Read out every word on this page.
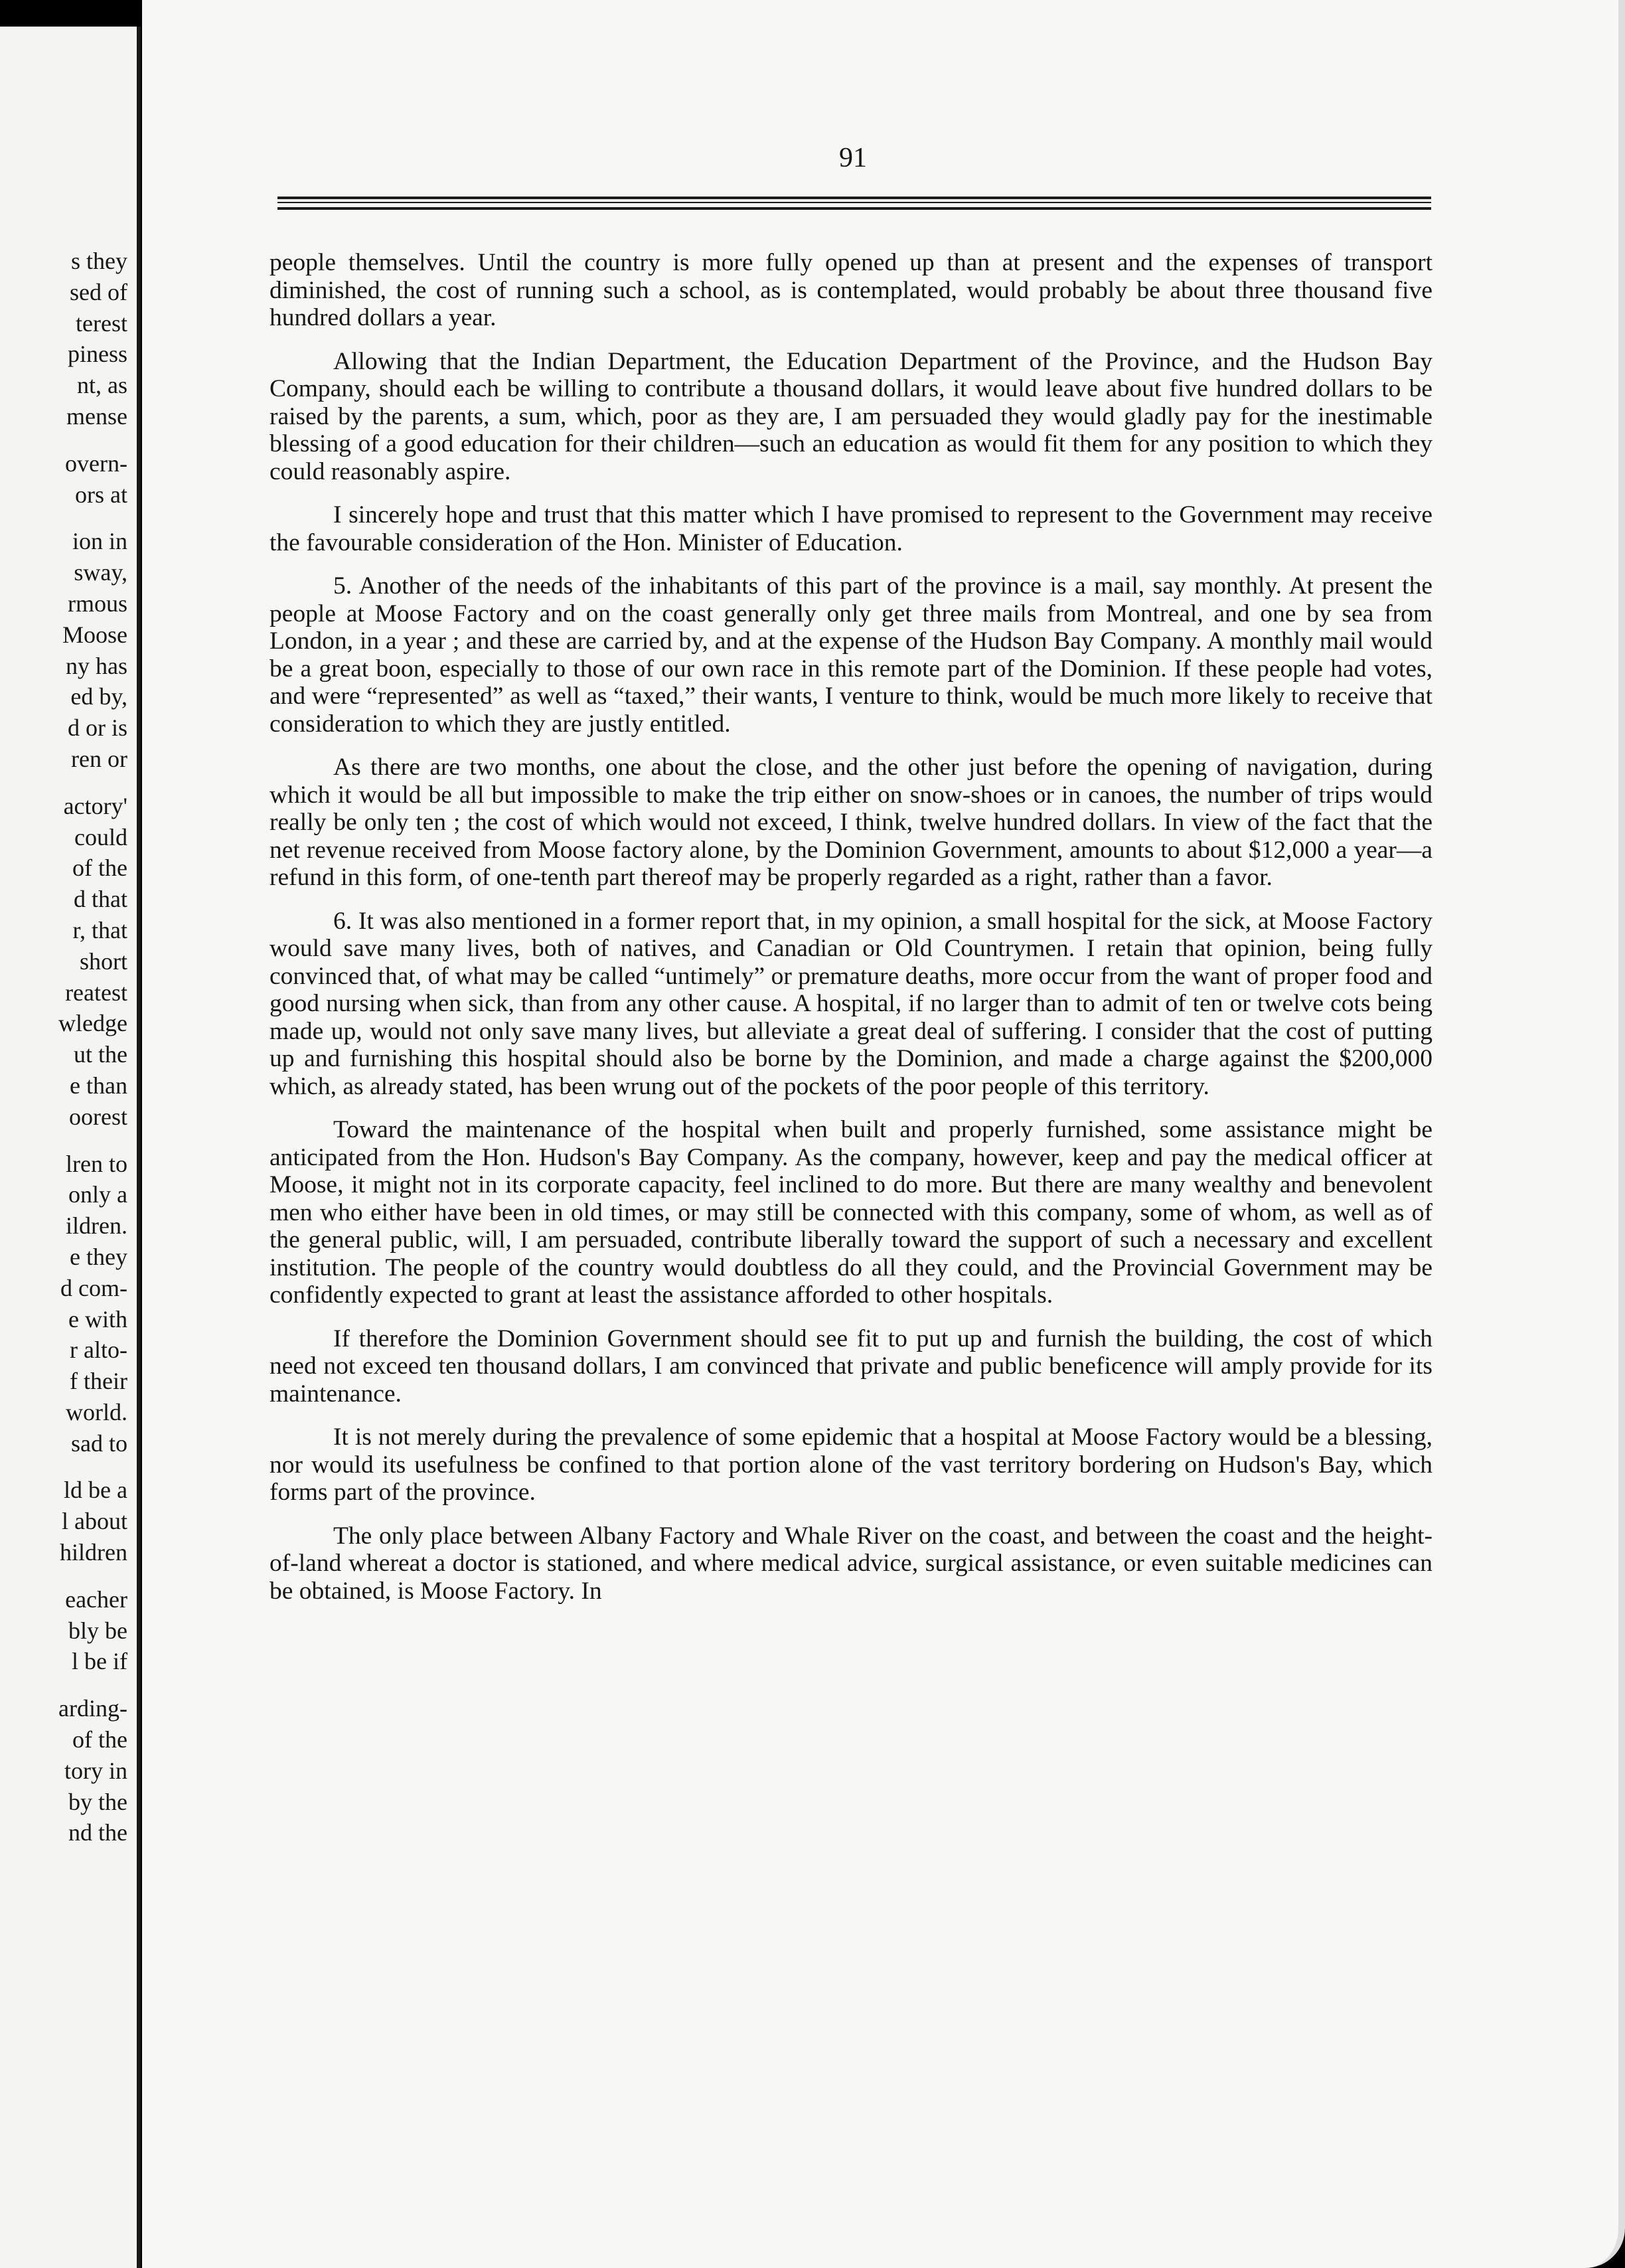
s they
sed of
terest
piness
nt, as
mense
overn-
ors at
ion in
sway,
rmous
Moose
ny has
ed by,
d or is
ren or
actory'
could
of the
d that
r, that
short
reatest
wledge
ut the
e than
oorest
lren to
only a
ildren.
e they
d com-
e with
r alto-
f their
world.
sad to
ld be a
l about
hildren
eacher
bly be
l be if
arding-
of the
tory in
by the
nd the
91

people themselves. Until the country is more fully opened up than at present and the expenses of transport diminished, the cost of running such a school, as is contemplated, would probably be about three thousand five hundred dollars a year.

Allowing that the Indian Department, the Education Department of the Province, and the Hudson Bay Company, should each be willing to contribute a thousand dollars, it would leave about five hundred dollars to be raised by the parents, a sum, which, poor as they are, I am persuaded they would gladly pay for the inestimable blessing of a good education for their children—such an education as would fit them for any position to which they could reasonably aspire.

I sincerely hope and trust that this matter which I have promised to represent to the Government may receive the favourable consideration of the Hon. Minister of Education.

5. Another of the needs of the inhabitants of this part of the province is a mail, say monthly. At present the people at Moose Factory and on the coast generally only get three mails from Montreal, and one by sea from London, in a year ; and these are carried by, and at the expense of the Hudson Bay Company. A monthly mail would be a great boon, especially to those of our own race in this remote part of the Dominion. If these people had votes, and were “represented” as well as “taxed,” their wants, I venture to think, would be much more likely to receive that consideration to which they are justly entitled.

As there are two months, one about the close, and the other just before the opening of navigation, during which it would be all but impossible to make the trip either on snow-shoes or in canoes, the number of trips would really be only ten ; the cost of which would not exceed, I think, twelve hundred dollars. In view of the fact that the net revenue received from Moose factory alone, by the Dominion Government, amounts to about $12,000 a year—a refund in this form, of one-tenth part thereof may be properly regarded as a right, rather than a favor.

6. It was also mentioned in a former report that, in my opinion, a small hospital for the sick, at Moose Factory would save many lives, both of natives, and Canadian or Old Countrymen. I retain that opinion, being fully convinced that, of what may be called “untimely” or premature deaths, more occur from the want of proper food and good nursing when sick, than from any other cause. A hospital, if no larger than to admit of ten or twelve cots being made up, would not only save many lives, but alleviate a great deal of suffering. I consider that the cost of putting up and furnishing this hospital should also be borne by the Dominion, and made a charge against the $200,000 which, as already stated, has been wrung out of the pockets of the poor people of this territory.

Toward the maintenance of the hospital when built and properly furnished, some assistance might be anticipated from the Hon. Hudson's Bay Company. As the company, however, keep and pay the medical officer at Moose, it might not in its corporate capacity, feel inclined to do more. But there are many wealthy and benevolent men who either have been in old times, or may still be connected with this company, some of whom, as well as of the general public, will, I am persuaded, contribute liberally toward the support of such a necessary and excellent institution. The people of the country would doubtless do all they could, and the Provincial Government may be confidently expected to grant at least the assistance afforded to other hospitals.

If therefore the Dominion Government should see fit to put up and furnish the building, the cost of which need not exceed ten thousand dollars, I am convinced that private and public beneficence will amply provide for its maintenance.

It is not merely during the prevalence of some epidemic that a hospital at Moose Factory would be a blessing, nor would its usefulness be confined to that portion alone of the vast territory bordering on Hudson's Bay, which forms part of the province.

The only place between Albany Factory and Whale River on the coast, and between the coast and the height-of-land whereat a doctor is stationed, and where medical advice, surgical assistance, or even suitable medicines can be obtained, is Moose Factory. In
